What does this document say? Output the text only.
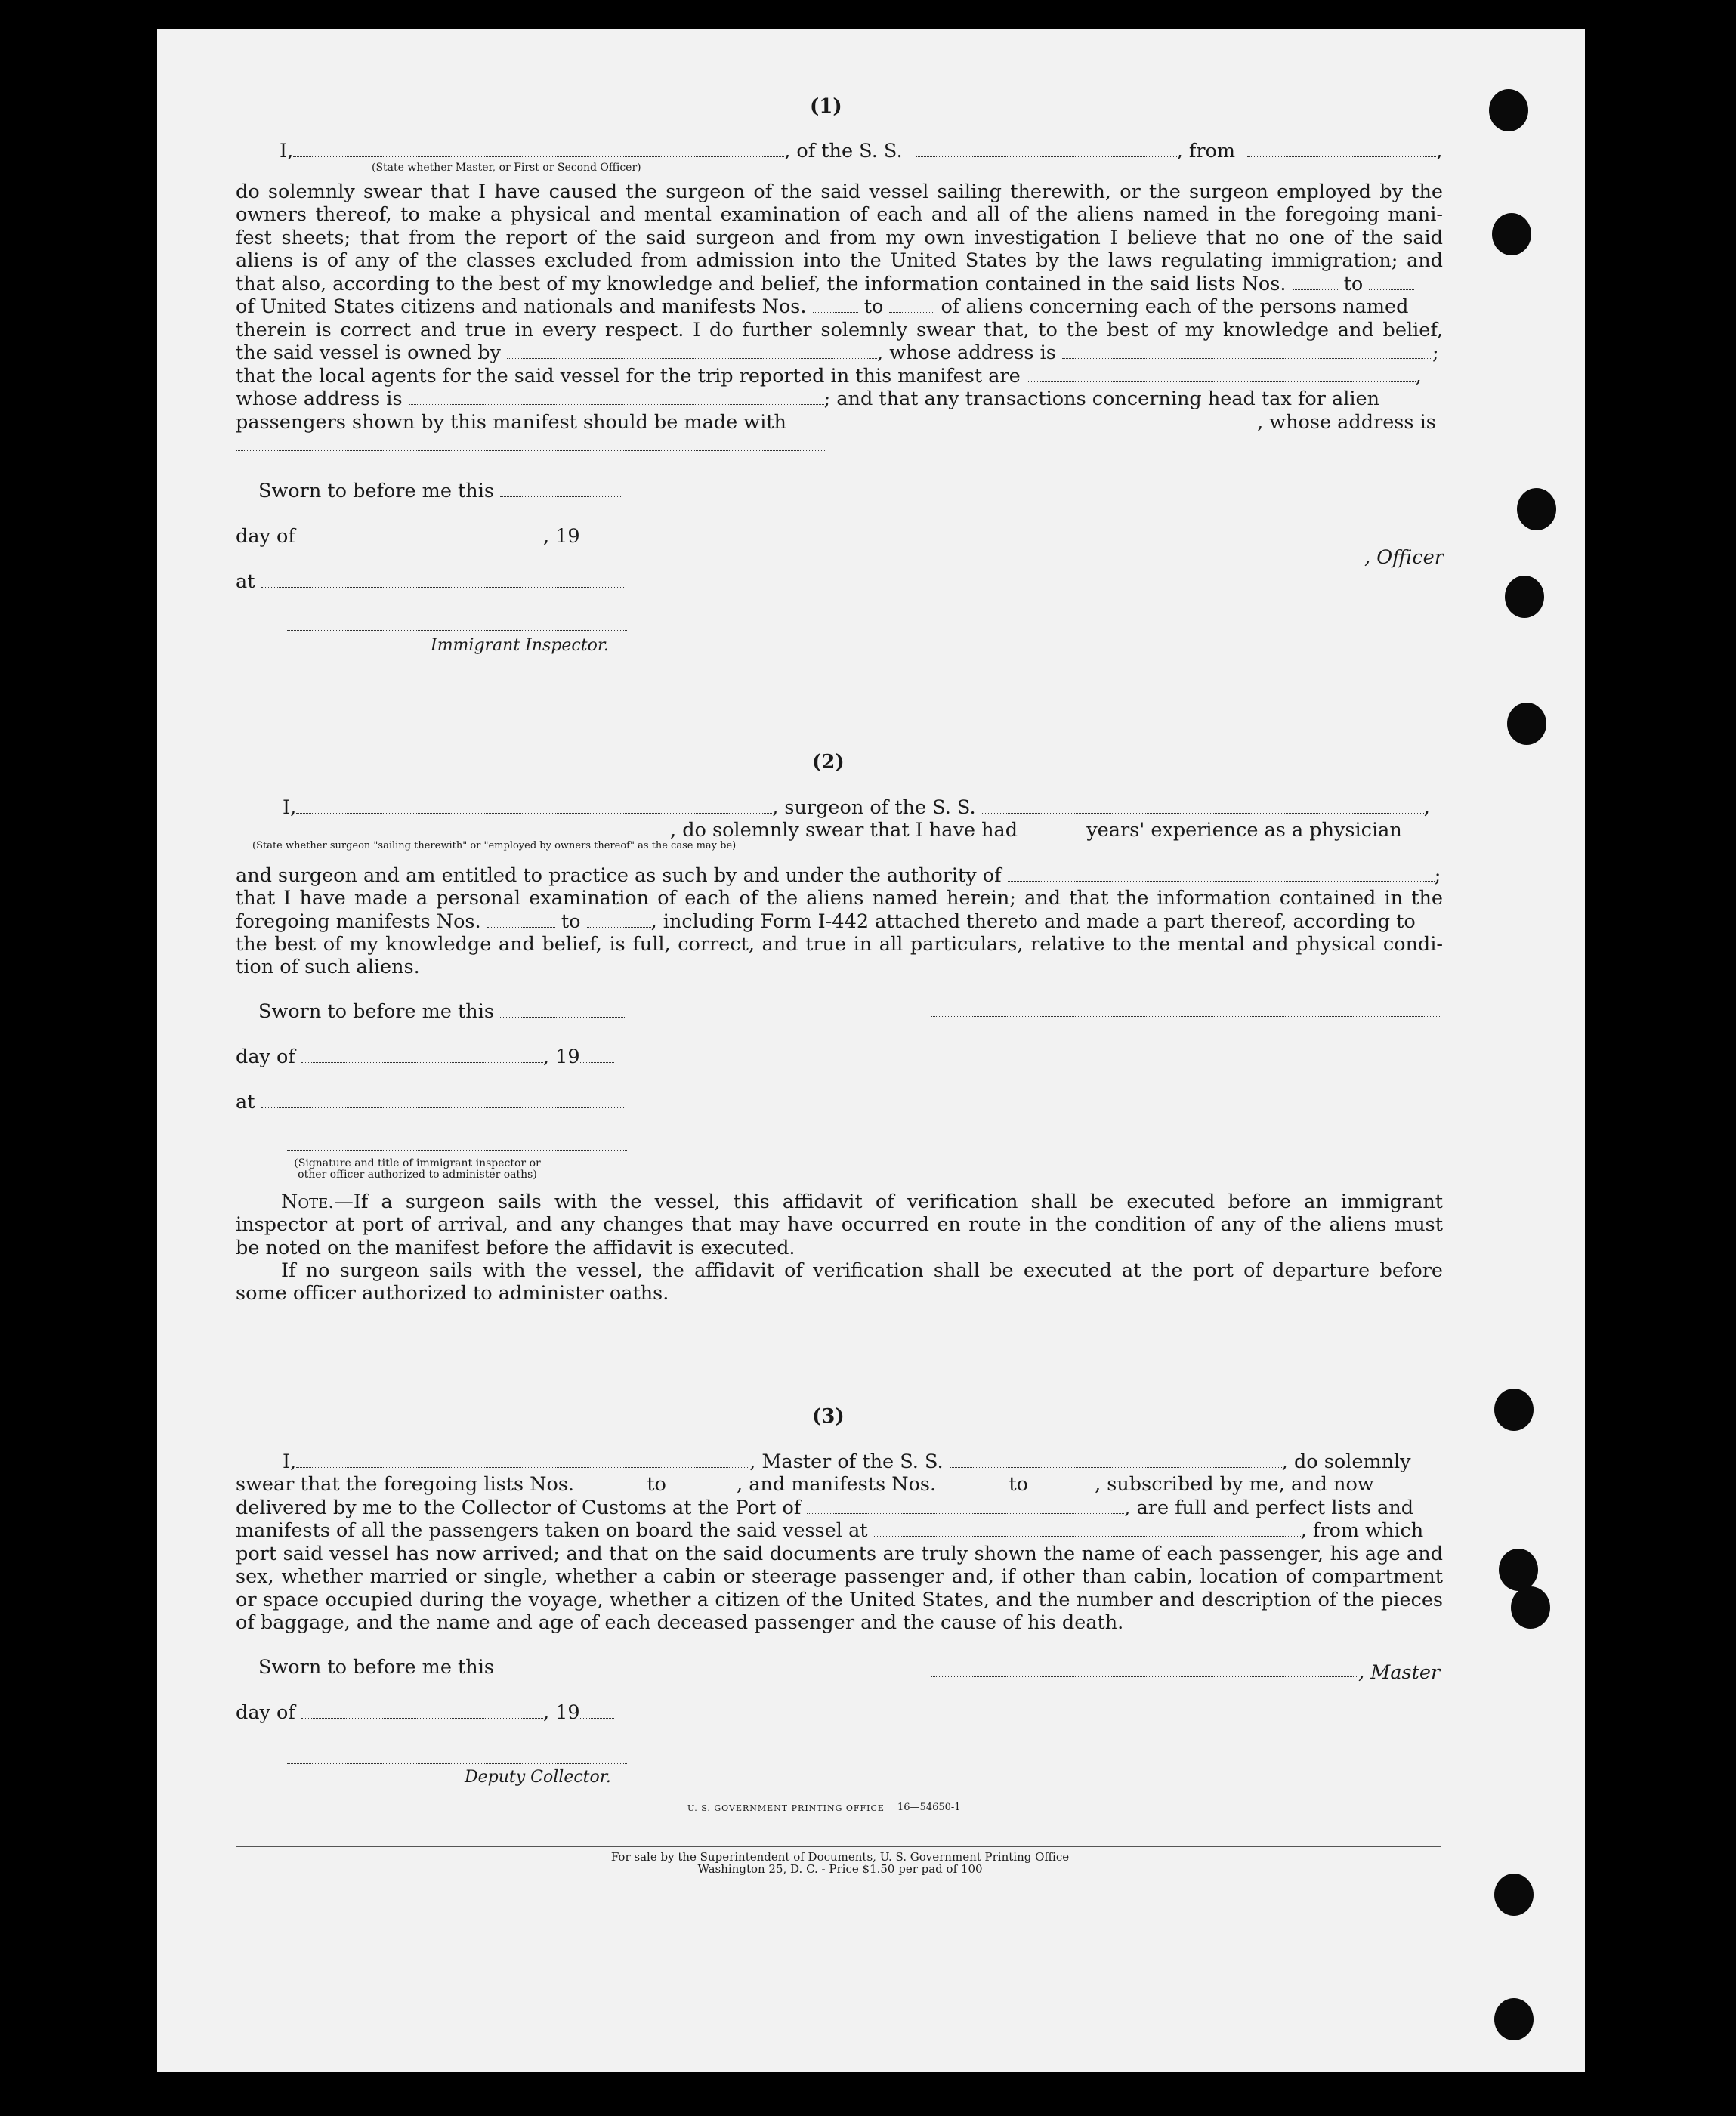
(1)
I,	, of the S. S.	, from	,
(State whether Master, or First or Second Officer)
do solemnly swear that I have caused the surgeon of the said vessel sailing therewith, or the surgeon employed by the
owners thereof, to make a physical and mental examination of each and all of the aliens named in the foregoing mani-
fest sheets; that from the report of the said surgeon and from my own investigation I believe that no one of the said
aliens is of any of the classes excluded from admission into the United States by the laws regulating immigration; and
that also, according to the best of my knowledge and belief, the information contained in the said lists Nos.	to
of United States citizens and nationals and manifests Nos.	to	of aliens concerning each of the persons named
therein is correct and true in every respect. I do further solemnly swear that, to the best of my knowledge and belief,
the said vessel is owned by	, whose address is	;
that the local agents for the said vessel for the trip reported in this manifest are	,
whose address is	; and that any transactions concerning head tax for alien
passengers shown by this manifest should be made with	, whose address is
Sworn to before me this
day of	, 19
at
Immigrant Inspector.
, Officer
(2)
I,	, surgeon of the S. S.	,
, do solemnly swear that I have had	years' experience as a physician
(State whether surgeon "sailing therewith" or "employed by owners thereof" as the case may be)
and surgeon and am entitled to practice as such by and under the authority of	;
that I have made a personal examination of each of the aliens named herein; and that the information contained in the
foregoing manifests Nos.	to	, including Form I-442 attached thereto and made a part thereof, according to
the best of my knowledge and belief, is full, correct, and true in all particulars, relative to the mental and physical condi-
tion of such aliens.
Sworn to before me this
day of	, 19
at
(Signature and title of immigrant inspector or other officer authorized to administer oaths)
Note.—If a surgeon sails with the vessel, this affidavit of verification shall be executed before an immigrant
inspector at port of arrival, and any changes that may have occurred en route in the condition of any of the aliens must
be noted on the manifest before the affidavit is executed.
If no surgeon sails with the vessel, the affidavit of verification shall be executed at the port of departure before
some officer authorized to administer oaths.
(3)
I,	, Master of the S. S.	, do solemnly
swear that the foregoing lists Nos.	to	, and manifests Nos.	to	, subscribed by me, and now
delivered by me to the Collector of Customs at the Port of	, are full and perfect lists and
manifests of all the passengers taken on board the said vessel at	, from which
port said vessel has now arrived; and that on the said documents are truly shown the name of each passenger, his age and
sex, whether married or single, whether a cabin or steerage passenger and, if other than cabin, location of compartment
or space occupied during the voyage, whether a citizen of the United States, and the number and description of the pieces
of baggage, and the name and age of each deceased passenger and the cause of his death.
Sworn to before me this	, Master
day of	, 19
Deputy Collector.
U. S. GOVERNMENT PRINTING OFFICE 16—54650-1
For sale by the Superintendent of Documents, U. S. Government Printing Office
Washington 25, D. C. - Price $1.50 per pad of 100
